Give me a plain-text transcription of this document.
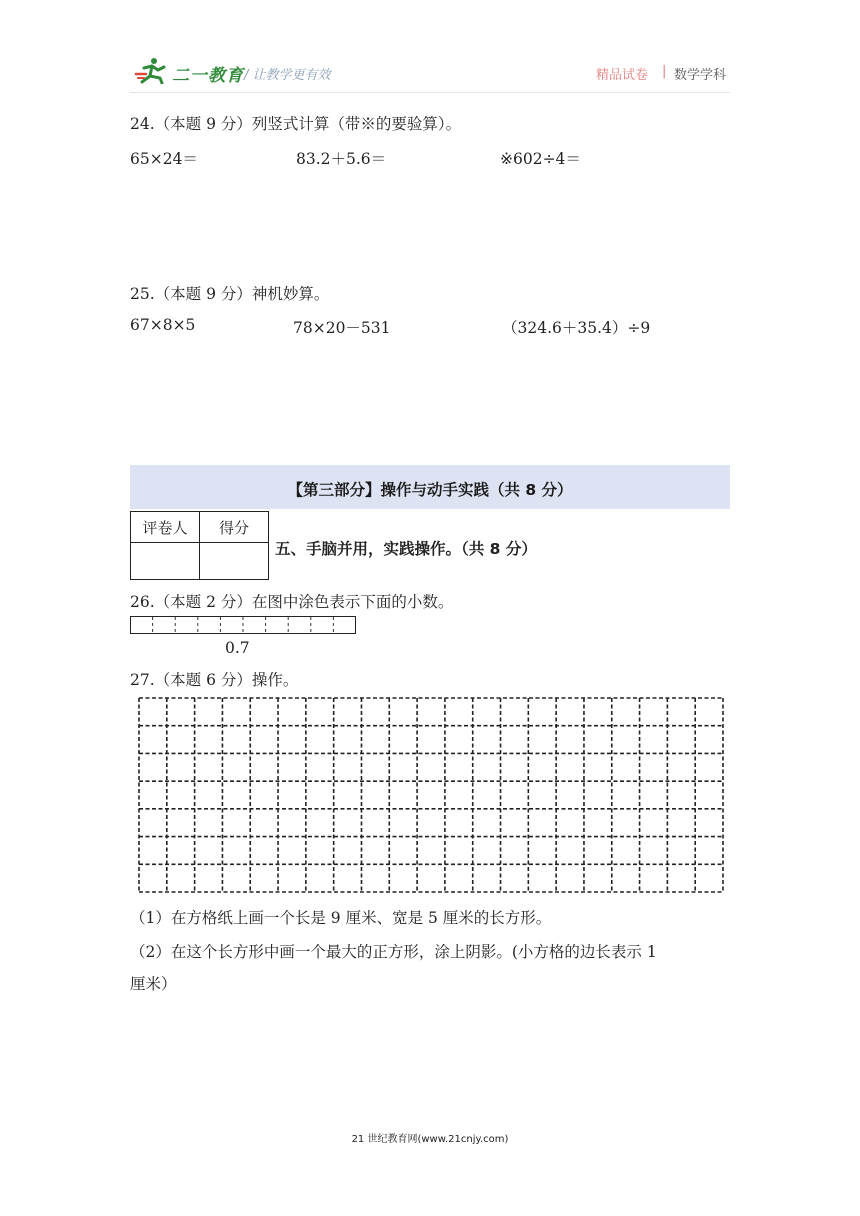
二一教育 / 让教学更有效	精品试卷 | 数学学科
24.（本题 9 分）列竖式计算（带※的要验算）。
65×24＝	83.2＋5.6＝	※602÷4＝
25.（本题 9 分）神机妙算。
67×8×5	78×20－531	（324.6＋35.4）÷9
【第三部分】操作与动手实践（共 8 分）
评卷人	得分

五、手脑并用，实践操作。（共 8 分）
26.（本题 2 分）在图中涂色表示下面的小数。
0.7
27.（本题 6 分）操作。
（1）在方格纸上画一个长是 9 厘米、宽是 5 厘米的长方形。
（2）在这个长方形中画一个最大的正方形，涂上阴影。(小方格的边长表示 1
厘米）
21 世纪教育网(www.21cnjy.com)
